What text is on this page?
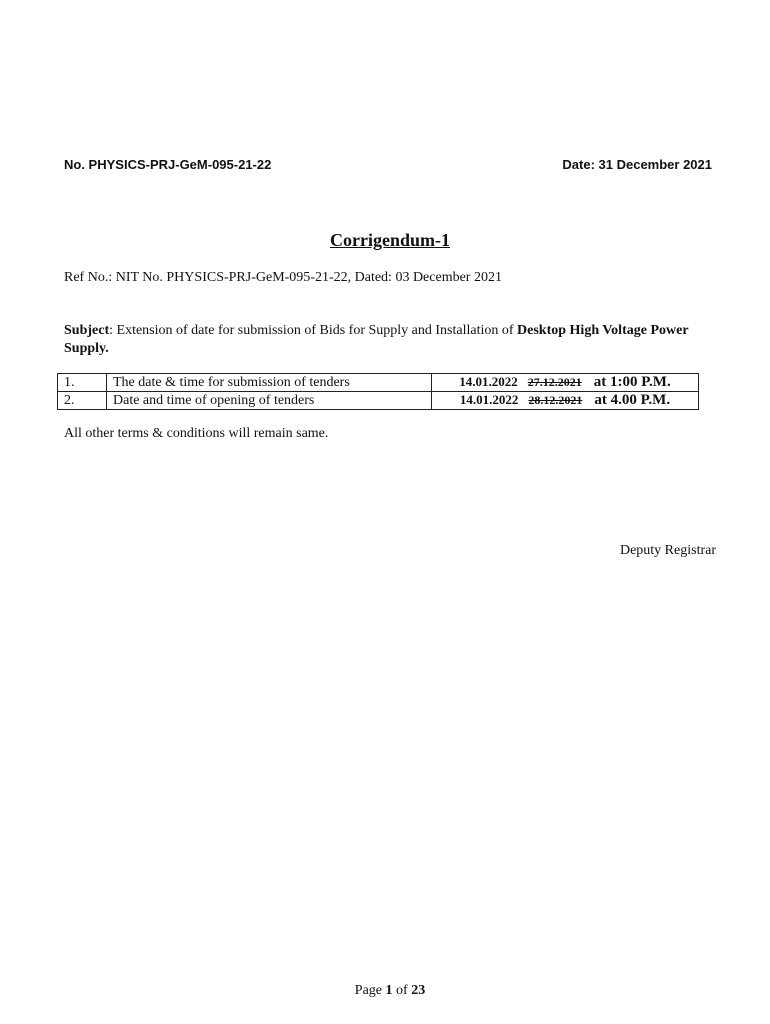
No. PHYSICS-PRJ-GeM-095-21-22	Date: 31 December 2021
Corrigendum-1
Ref No.: NIT No. PHYSICS-PRJ-GeM-095-21-22, Dated: 03 December 2021
Subject: Extension of date for submission of Bids for Supply and Installation of Desktop High Voltage Power Supply.
1.	The date & time for submission of tenders	14.01.2022 27.12.2021 at 1:00 P.M.
2.	Date and time of opening of tenders	14.01.2022 28.12.2021 at 4.00 P.M.
All other terms & conditions will remain same.
Deputy Registrar
Page 1 of 23
